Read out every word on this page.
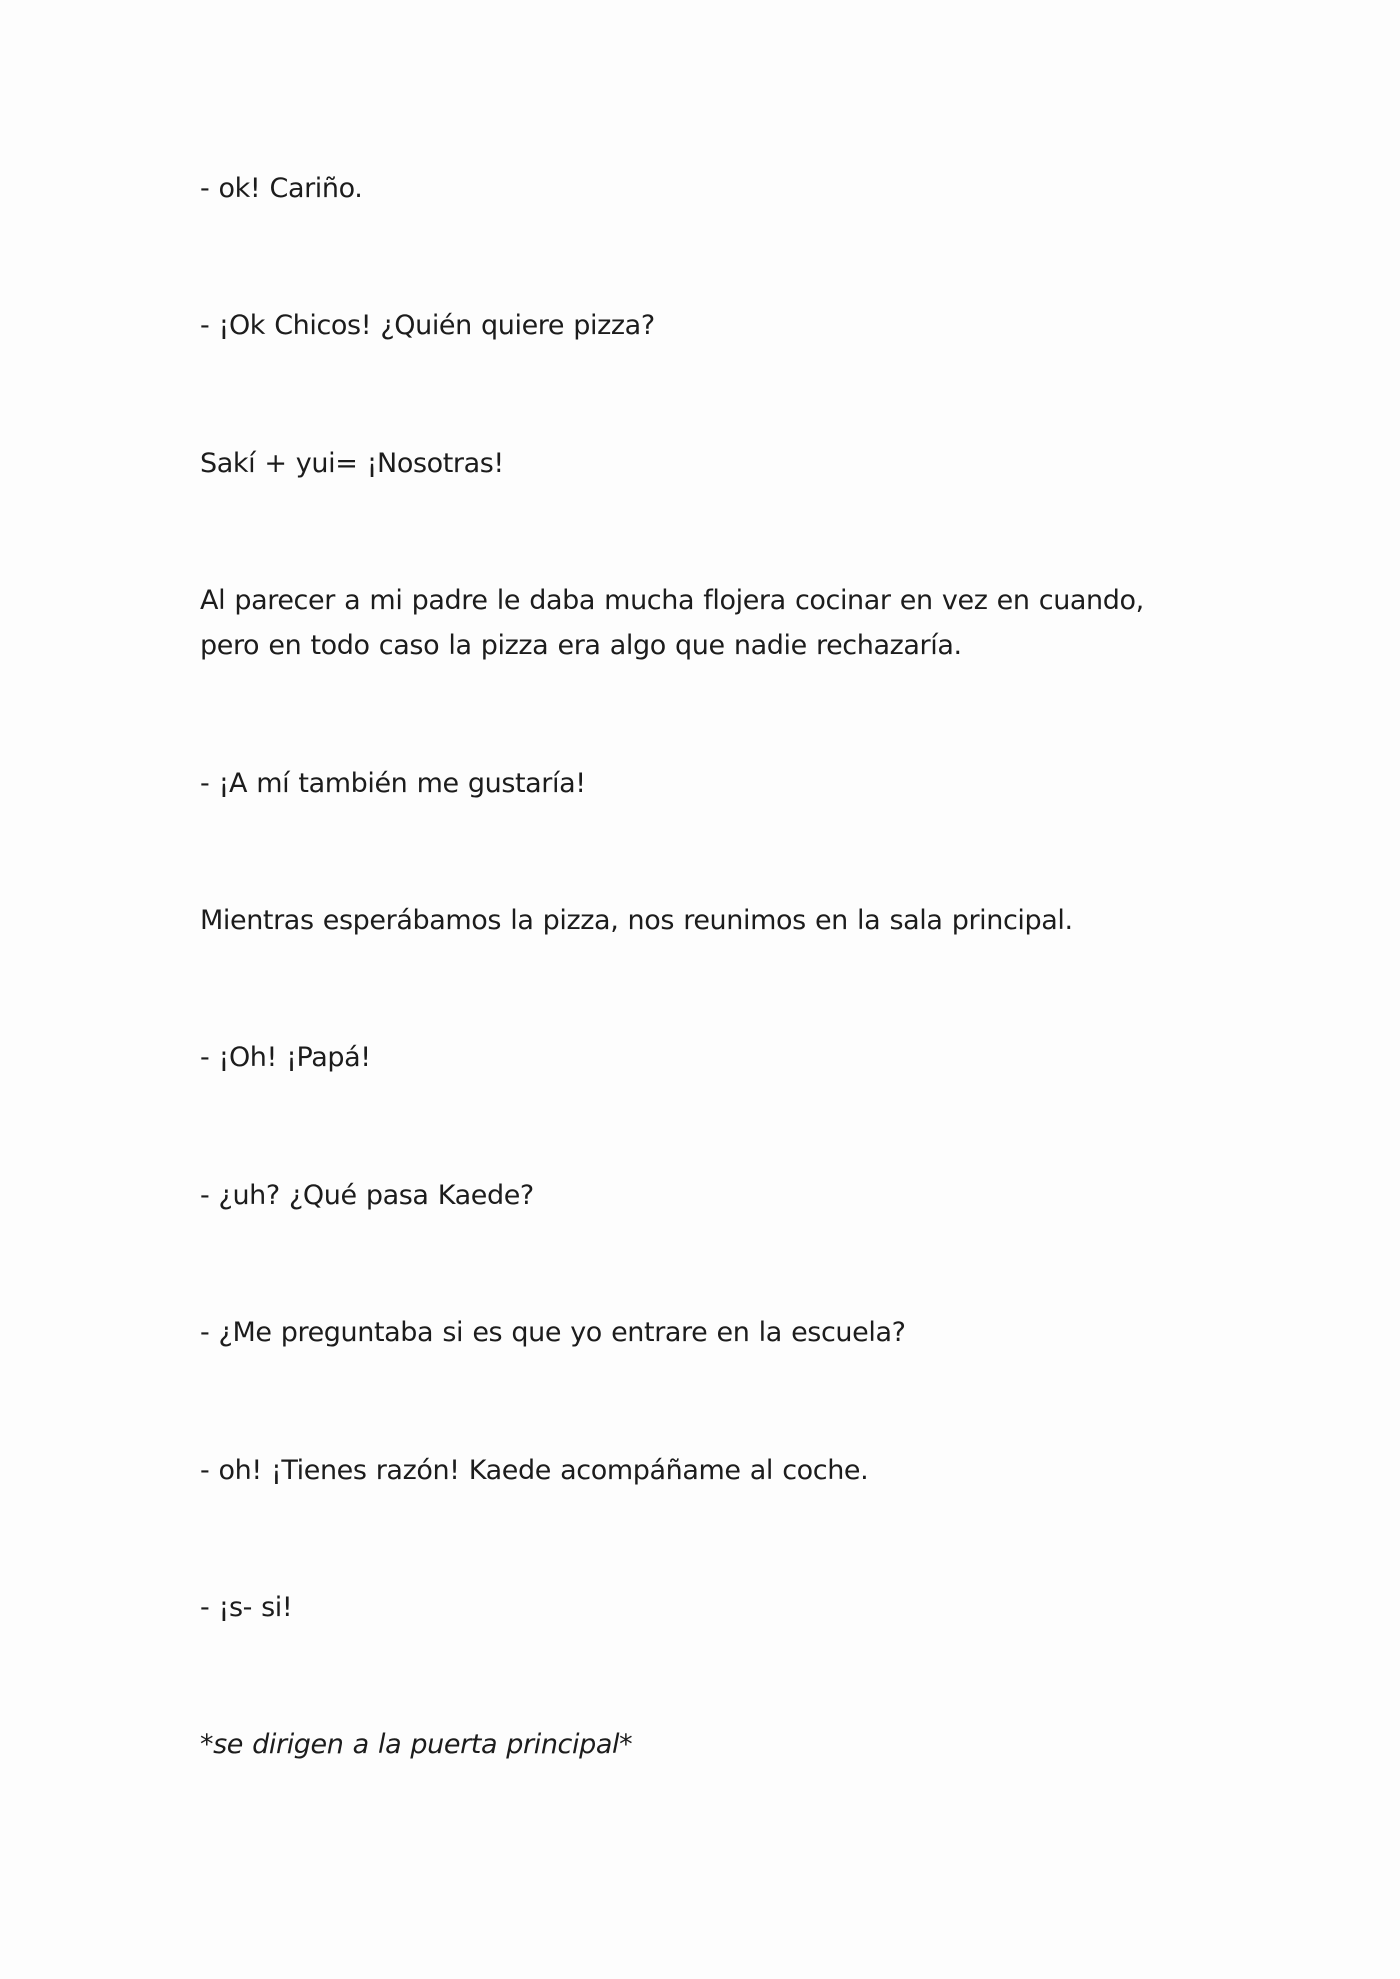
- ok! Cariño.

- ¡Ok Chicos! ¿Quién quiere pizza?

Sakí + yui= ¡Nosotras!

Al parecer a mi padre le daba mucha flojera cocinar en vez en cuando, pero en todo caso la pizza era algo que nadie rechazaría.

- ¡A mí también me gustaría!

Mientras esperábamos la pizza, nos reunimos en la sala principal.

- ¡Oh! ¡Papá!

- ¿uh? ¿Qué pasa Kaede?

- ¿Me preguntaba si es que yo entrare en la escuela?

- oh! ¡Tienes razón! Kaede acompáñame al coche.

- ¡s- si!

*se dirigen a la puerta principal*
